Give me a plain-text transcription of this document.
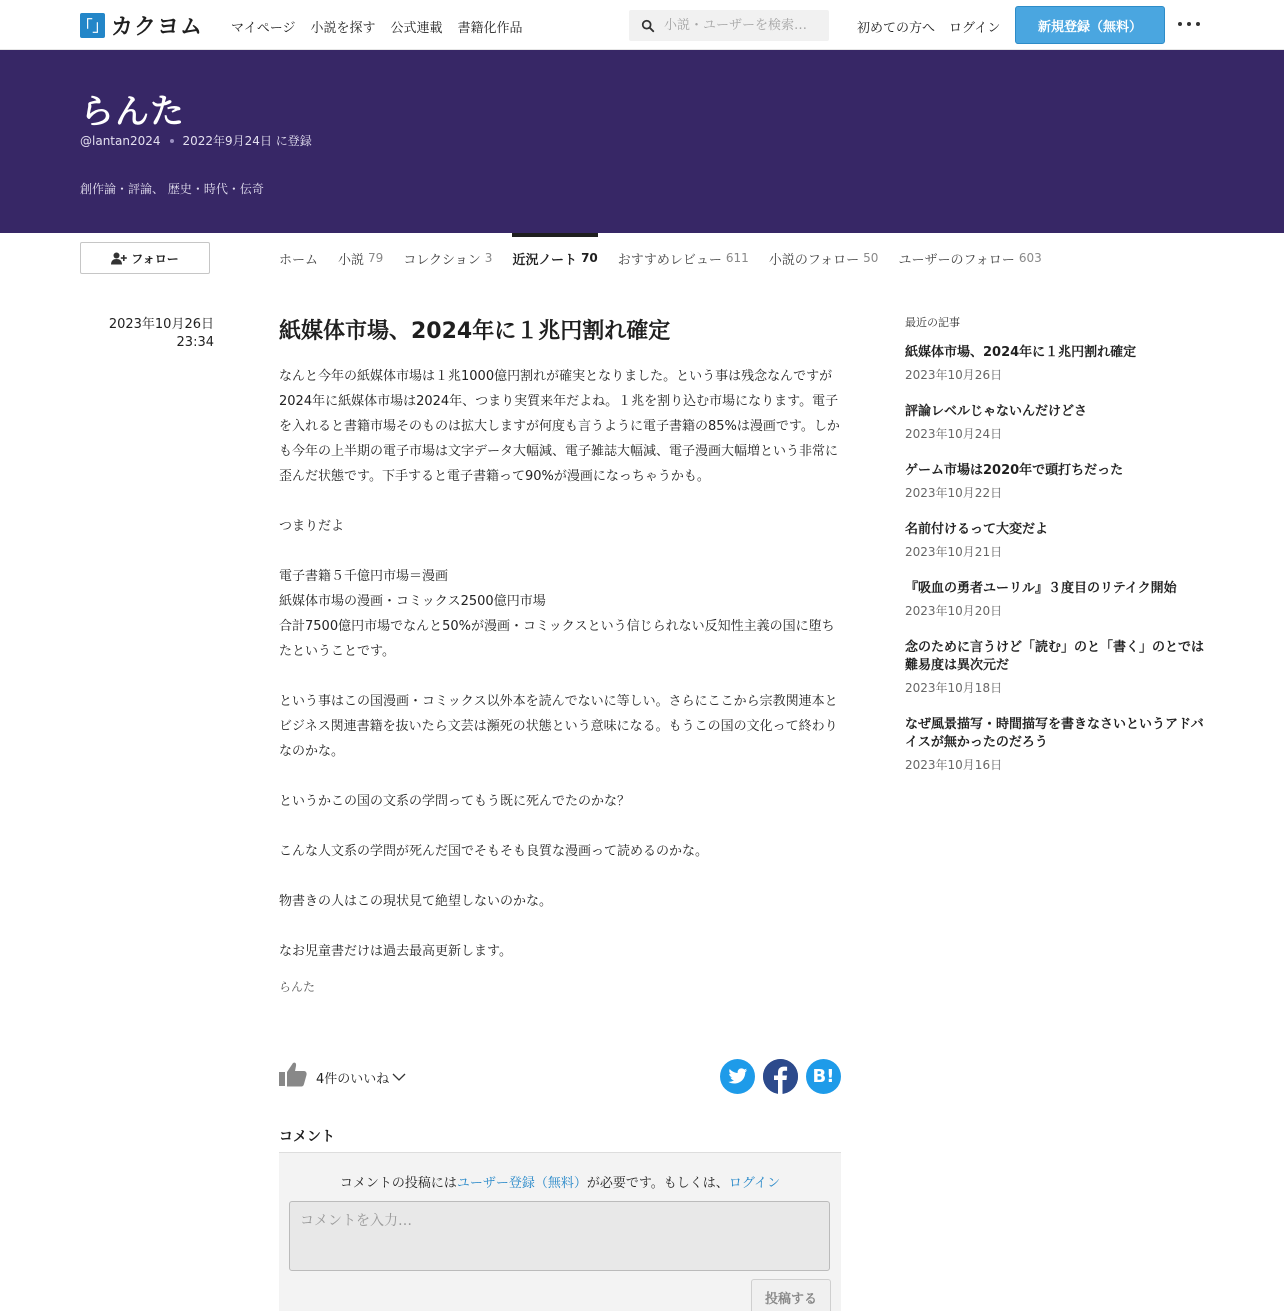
「」 カクヨム マイページ 小説を探す 公式連載 書籍化作品
小説・ユーザーを検索…	初めての方へ ログイン	新規登録（無料）
らんた
@lantan2024 2022年9月24日 に登録
創作論・評論、 歴史・時代・伝奇
フォロー	ホーム 小説 79 コレクション 3 近況ノート 70 おすすめレビュー 611 小説のフォロー 50 ユーザーのフォロー 603
2023年10月26日
23:34	紙媒体市場、2024年に１兆円割れ確定

なんと今年の紙媒体市場は１兆1000億円割れが確実となりました。という事は残念なんですが2024年に紙媒体市場は2024年、つまり実質来年だよね。１兆を割り込む市場になります。電子を入れると書籍市場そのものは拡大しますが何度も言うように電子書籍の85%は漫画です。しかも今年の上半期の電子市場は文字データ大幅減、電子雑誌大幅減、電子漫画大幅増という非常に歪んだ状態です。下手すると電子書籍って90%が漫画になっちゃうかも。

つまりだよ

電子書籍５千億円市場＝漫画

紙媒体市場の漫画・コミックス2500億円市場

合計7500億円市場でなんと50%が漫画・コミックスという信じられない反知性主義の国に堕ちたということです。

という事はこの国漫画・コミックス以外本を読んでないに等しい。さらにここから宗教関連本とビジネス関連書籍を抜いたら文芸は瀕死の状態という意味になる。もうこの国の文化って終わりなのかな。

というかこの国の文系の学問ってもう既に死んでたのかな？

こんな人文系の学問が死んだ国でそもそも良質な漫画って読めるのかな。

物書きの人はこの現状見て絶望しないのかな。

なお児童書だけは過去最高更新します。

らんた
4件のいいね	B!
コメント
コメントの投稿にはユーザー登録（無料）が必要です。もしくは、ログイン
コメントを入力…
投稿する
最近の記事
紙媒体市場、2024年に１兆円割れ確定
2023年10月26日
評論レベルじゃないんだけどさ
2023年10月24日
ゲーム市場は2020年で頭打ちだった
2023年10月22日
名前付けるって大変だよ
2023年10月21日
『吸血の勇者ユーリル』３度目のリテイク開始
2023年10月20日
念のために言うけど「読む」のと「書く」のとでは難易度は異次元だ
2023年10月18日
なぜ風景描写・時間描写を書きなさいというアドバイスが無かったのだろう
2023年10月16日
